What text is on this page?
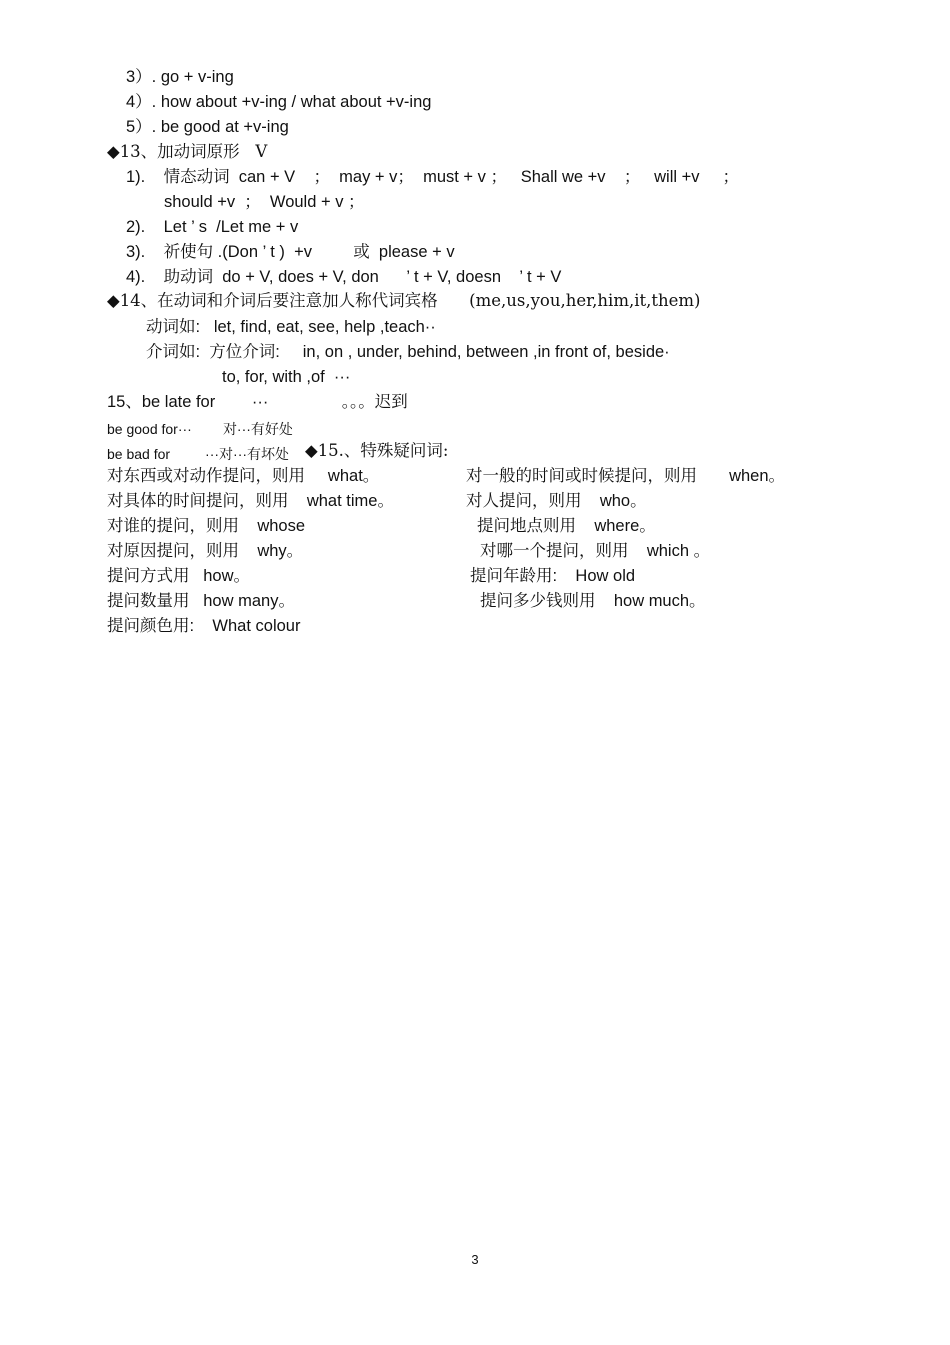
3）. go + v-ing
4）. how about +v-ing / what about +v-ing
5）. be good at +v-ing
◆13、加动词原形   V
1).    情态动词  can + V    ；  may + v；  must + v ；   Shall we +v    ；   will +v     ；
should +v  ；  Would + v ；
2).    Let ’ s  /Let me + v
3).    祈使句 .(Don ’ t )  +v         或  please + v
4).    助动词  do + V, does + V, don      ’ t + V, doesn    ’ t + V
◆14、在动词和介词后要注意加人称代词宾格      (me,us,you,her,him,it,them)
动词如:   let, find, eat, see, help ,teach··
介词如:  方位介词:     in, on , under, behind, between ,in front of, beside·
to, for, with ,of  ···
15、be late for        ···                。。。迟到
be good for···        对···有好处
be bad for         ···对···有坏处 ◆15.、特殊疑问词:
对东西或对动作提问，则用     what。	对一般的时间或时候提问，则用       when。
对具体的时间提问，则用    what time。	对人提问，则用    who。
对谁的提问，则用    whose	提问地点则用    where。
对原因提问，则用    why。	对哪一个提问，则用    which 。
提问方式用   how。	提问年龄用:    How old
提问数量用   how many。	提问多少钱则用    how much。
提问颜色用:    What colour
3
